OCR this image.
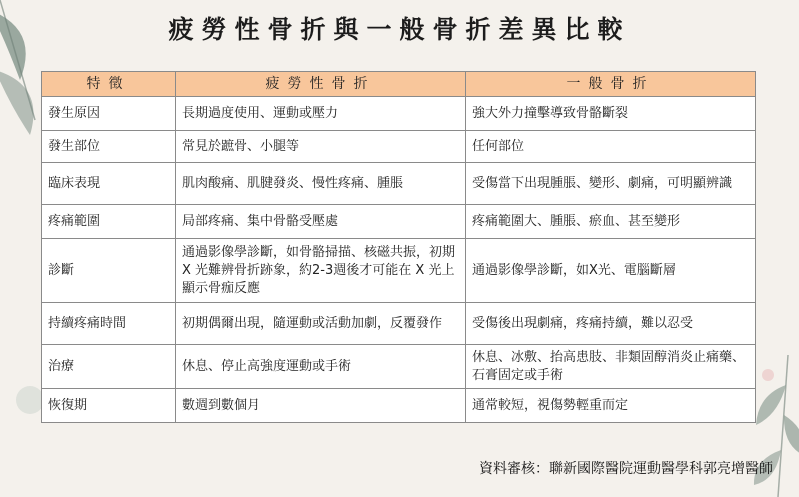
疲勞性骨折與一般骨折差異比較
特徵	疲勞性骨折	一般骨折
發生原因	長期過度使用、運動或壓力	強大外力撞擊導致骨骼斷裂
發生部位	常見於蹠骨、小腿等	任何部位
臨床表現	肌肉酸痛、肌腱發炎、慢性疼痛、腫脹	受傷當下出現腫脹、變形、劇痛，可明顯辨識
疼痛範圍	局部疼痛、集中骨骼受壓處	疼痛範圍大、腫脹、瘀血、甚至變形
診斷	通過影像學診斷，如骨骼掃描、核磁共振，初期X 光難辨骨折跡象，約2-3週後才可能在 X 光上顯示骨痂反應	通過影像學診斷，如X光、電腦斷層
持續疼痛時間	初期偶爾出現，隨運動或活動加劇，反覆發作	受傷後出現劇痛，疼痛持續，難以忍受
治療	休息、停止高強度運動或手術	休息、冰敷、抬高患肢、非類固醇消炎止痛藥、石膏固定或手術
恢復期	數週到數個月	通常較短，視傷勢輕重而定
資料審核：聯新國際醫院運動醫學科郭亮增醫師
